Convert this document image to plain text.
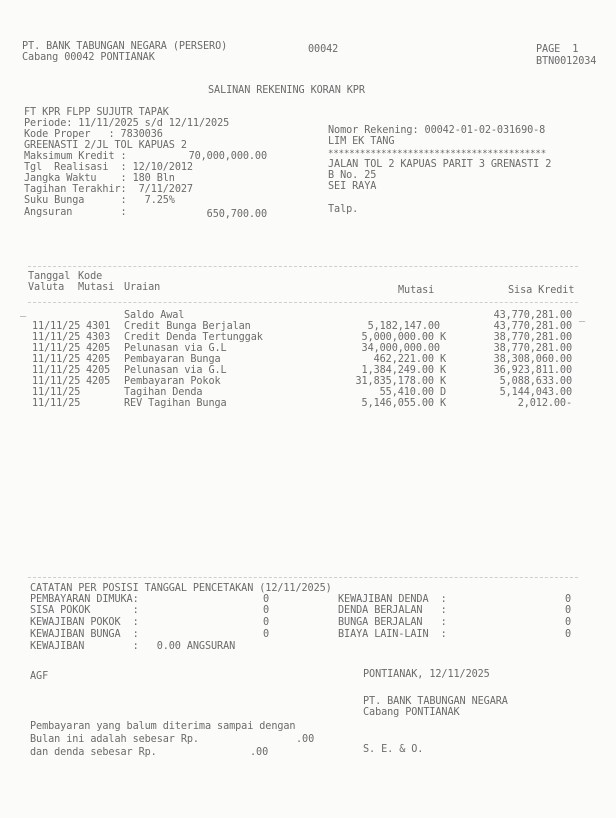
PT. BANK TABUNGAN NEGARA (PERSERO)
Cabang 00042 PONTIANAK
00042	PAGE  1
BTN0012034
SALINAN REKENING KORAN KPR
FT KPR FLPP SUJUTR TAPAK
Periode: 11/11/2025 s/d 12/11/2025
Kode Proper   : 7830036
GREENASTI 2/JL TOL KAPUAS 2
Maksimum Kredit :	70,000,000.00
Tgl  Realisasi  : 12/10/2012
Jangka Waktu    : 180 Bln
Tagihan Terakhir:  7/11/2027
Suku Bunga      :   7.25%
Angsuran        :	650,700.00
Nomor Rekening: 00042-01-02-031690-8
LIM EK TANG
*****************************************
JALAN TOL 2 KAPUAS PARIT 3 GRENASTI 2
B No. 25
SEI RAYA
Talp.
Tanggal Kode
Valuta Mutasi Uraian	Mutasi	Sisa Kredit
_	_
Saldo Awal	43,770,281.00
11/11/25 4301 Credit Bunga Berjalan	5,182,147.00	43,770,281.00
11/11/25 4303 Credit Denda Tertunggak	5,000,000.00 K	38,770,281.00
11/11/25 4205 Pelunasan via G.L	34,000,000.00	38,770,281.00
11/11/25 4205 Pembayaran Bunga	462,221.00 K	38,308,060.00
11/11/25 4205 Pelunasan via G.L	1,384,249.00 K	36,923,811.00
11/11/25 4205 Pembayaran Pokok	31,835,178.00 K	5,088,633.00
11/11/25	Tagihan Denda	55,410.00 D	5,144,043.00
11/11/25	REV Tagihan Bunga	5,146,055.00 K	2,012.00-
CATATAN PER POSISI TANGGAL PENCETAKAN (12/11/2025)
PEMBAYARAN DIMUKA:	0
SISA POKOK       :	0
KEWAJIBAN POKOK  :	0
KEWAJIBAN BUNGA  :	0
KEWAJIBAN        :   0.00 ANGSURAN
KEWAJIBAN DENDA  :	0
DENDA BERJALAN   :	0
BUNGA BERJALAN   :	0
BIAYA LAIN-LAIN  :	0
AGF	PONTIANAK, 12/11/2025
PT. BANK TABUNGAN NEGARA
Cabang PONTIANAK
S. E. & O.
Pembayaran yang balum diterima sampai dengan
Bulan ini adalah sebesar Rp.	.00
dan denda sebesar Rp.	.00
